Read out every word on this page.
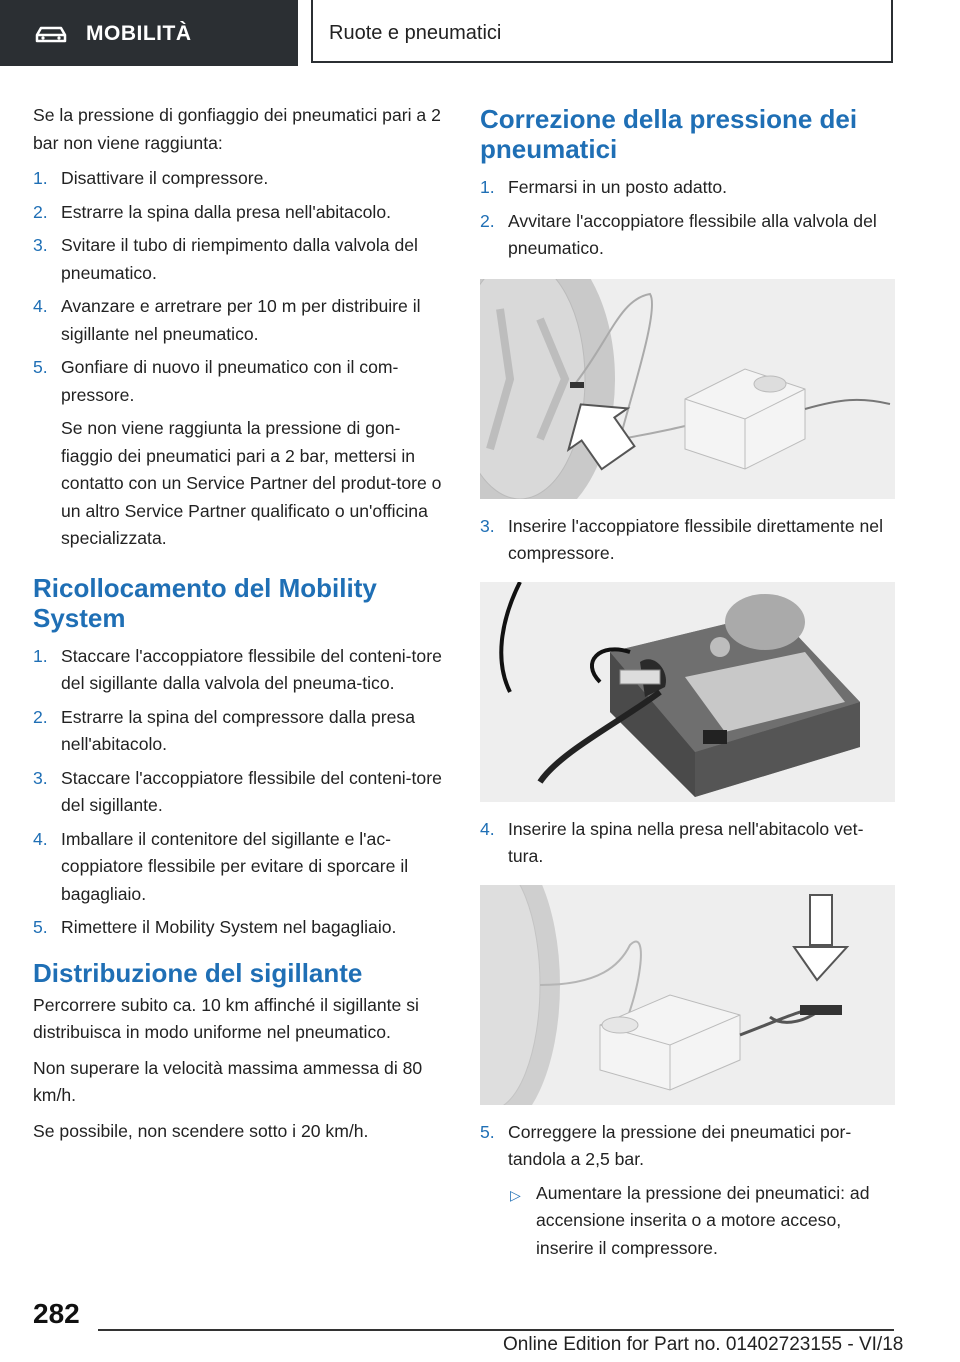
MOBILITÀ	Ruote e pneumatici

Se la pressione di gonfiaggio dei pneumatici pari a 2 bar non viene raggiunta:

1. Disattivare il compressore.
2. Estrarre la spina dalla presa nell'abitacolo.
3. Svitare il tubo di riempimento dalla valvola del pneumatico.
4. Avanzare e arretrare per 10 m per distribuire il sigillante nel pneumatico.
5. Gonfiare di nuovo il pneumatico con il com‐pressore.
Se non viene raggiunta la pressione di gon‐fiaggio dei pneumatici pari a 2 bar, mettersi in contatto con un Service Partner del produt‐tore o un altro Service Partner qualificato o un'officina specializzata.
Ricollocamento del Mobility System
1. Staccare l'accoppiatore flessibile del conteni‐tore del sigillante dalla valvola del pneuma‐tico.
2. Estrarre la spina del compressore dalla presa nell'abitacolo.
3. Staccare l'accoppiatore flessibile del conteni‐tore del sigillante.
4. Imballare il contenitore del sigillante e l'ac‐coppiatore flessibile per evitare di sporcare il bagagliaio.
5. Rimettere il Mobility System nel bagagliaio.
Distribuzione del sigillante

Percorrere subito ca. 10 km affinché il sigillante si distribuisca in modo uniforme nel pneumatico.

Non superare la velocità massima ammessa di 80 km/h.

Se possibile, non scendere sotto i 20 km/h.

Correzione della pressione dei pneumatici
1. Fermarsi in un posto adatto.
2. Avvitare l'accoppiatore flessibile alla valvola del pneumatico.
3. Inserire l'accoppiatore flessibile direttamente nel compressore.
4. Inserire la spina nella presa nell'abitacolo vet‐tura.
5. Correggere la pressione dei pneumatici por‐tandola a 2,5 bar.
▷ Aumentare la pressione dei pneumatici: ad accensione inserita o a motore acceso, inserire il compressore.
282
Online Edition for Part no. 01402723155 - VI/18
